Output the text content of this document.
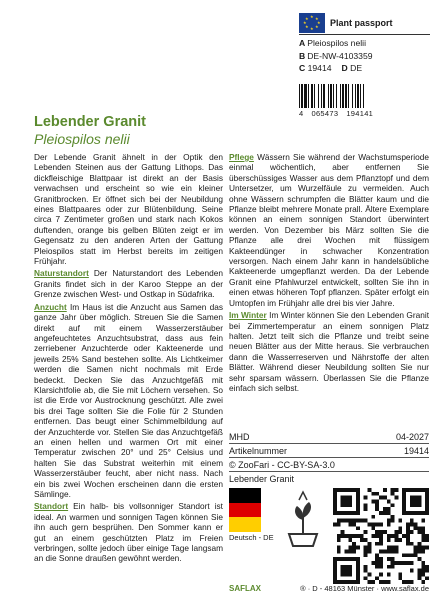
★ ★
★
★
★
★
★
★ Plant passport
A Pleiospilos nelii
B DE-NW-4103359
C 19414 D DE
4 065473 194141
Lebender Granit
Pleiospilos nelii

Der Lebende Granit ähnelt in der Optik den Lebenden Steinen aus der Gattung Lithops. Das dickfleischige Blattpaar ist direkt an der Basis verwachsen und erscheint so wie ein kleiner Granitbrocken. Er öffnet sich bei der Neubildung eines Blattpaares oder zur Blütenbildung. Seine circa 7 Zentimeter großen und stark nach Kokos duftenden, orange bis gelben Blüten zeigt er im Gegensatz zu den anderen Arten der Gattung Pleiospilos statt im Herbst bereits im zeitigen Frühjahr.

Naturstandort Der Naturstandort des Lebenden Granits findet sich in der Karoo Steppe an der Grenze zwischen West- und Ostkap in Südafrika.

Anzucht Im Haus ist die Anzucht aus Samen das ganze Jahr über möglich. Streuen Sie die Samen direkt auf mit einem Wasserzerstäuber angefeuchtetes Anzuchtsubstrat, dass aus fein zerriebener Anzuchterde oder Kakteenerde und jeweils 25% Sand bestehen sollte. Als Lichtkeimer werden die Samen nicht nochmals mit Erde bedeckt. Decken Sie das Anzuchtgefäß mit Klarsichtfolie ab, die Sie mit Löchern versehen. So ist die Erde vor Austrocknung geschützt. Alle zwei bis drei Tage sollten Sie die Folie für 2 Stunden entfernen. Das beugt einer Schimmelbildung auf der Anzuchterde vor. Stellen Sie das Anzuchtgefäß an einen hellen und warmen Ort mit einer Temperatur zwischen 20° und 25° Celsius und halten Sie das Substrat weiterhin mit einem Wasserzerstäuber feucht, aber nicht nass. Nach ein bis zwei Wochen erscheinen dann die ersten Sämlinge.

Standort Ein halb- bis vollsonniger Standort ist ideal. An warmen und sonnigen Tagen können Sie ihn auch gern besprühen. Den Sommer kann er gut an einem geschützten Platz im Freien verbringen, sollte jedoch über einige Tage langsam an die Sonne draußen gewöhnt werden.

Pflege Wässern Sie während der Wachstumsperiode einmal wöchentlich, aber entfernen Sie überschüssiges Wasser aus dem Pflanztopf und dem Untersetzer, um Wurzelfäule zu vermeiden. Auch ohne Wässern schrumpfen die Blätter kaum und die Pflanze bleibt mehrere Monate prall. Ältere Exemplare können an einem sonnigen Standort überwintert werden. Von Dezember bis März sollten Sie die Pflanze alle drei Wochen mit flüssigem Kakteendünger in schwacher Konzentration versorgen. Nach einem Jahr kann in handelsübliche Kakteenerde umgepflanzt werden. Da der Lebende Granit eine Pfahlwurzel entwickelt, sollten Sie ihn in einen etwas höheren Topf pflanzen. Später erfolgt ein Umtopfen im Frühjahr alle drei bis vier Jahre.

Im Winter Im Winter können Sie den Lebenden Granit bei Zimmertemperatur an einem sonnigen Platz halten. Jetzt teilt sich die Pflanze und treibt seine neuen Blätter aus der Mitte heraus. Sie verbrauchen dann die Wasserreserven und Nährstoffe der alten Blätter. Während dieser Neubildung sollten Sie nur sehr sparsam wässern. Überlassen Sie die Pflanze einfach sich selbst.

MHD	04-2027
Artikelnummer	19414
© ZooFari - CC-BY-SA-3.0
Lebender Granit
Deutsch - DE
SAFLAX	® · D - 48163 Münster · www.saflax.de
